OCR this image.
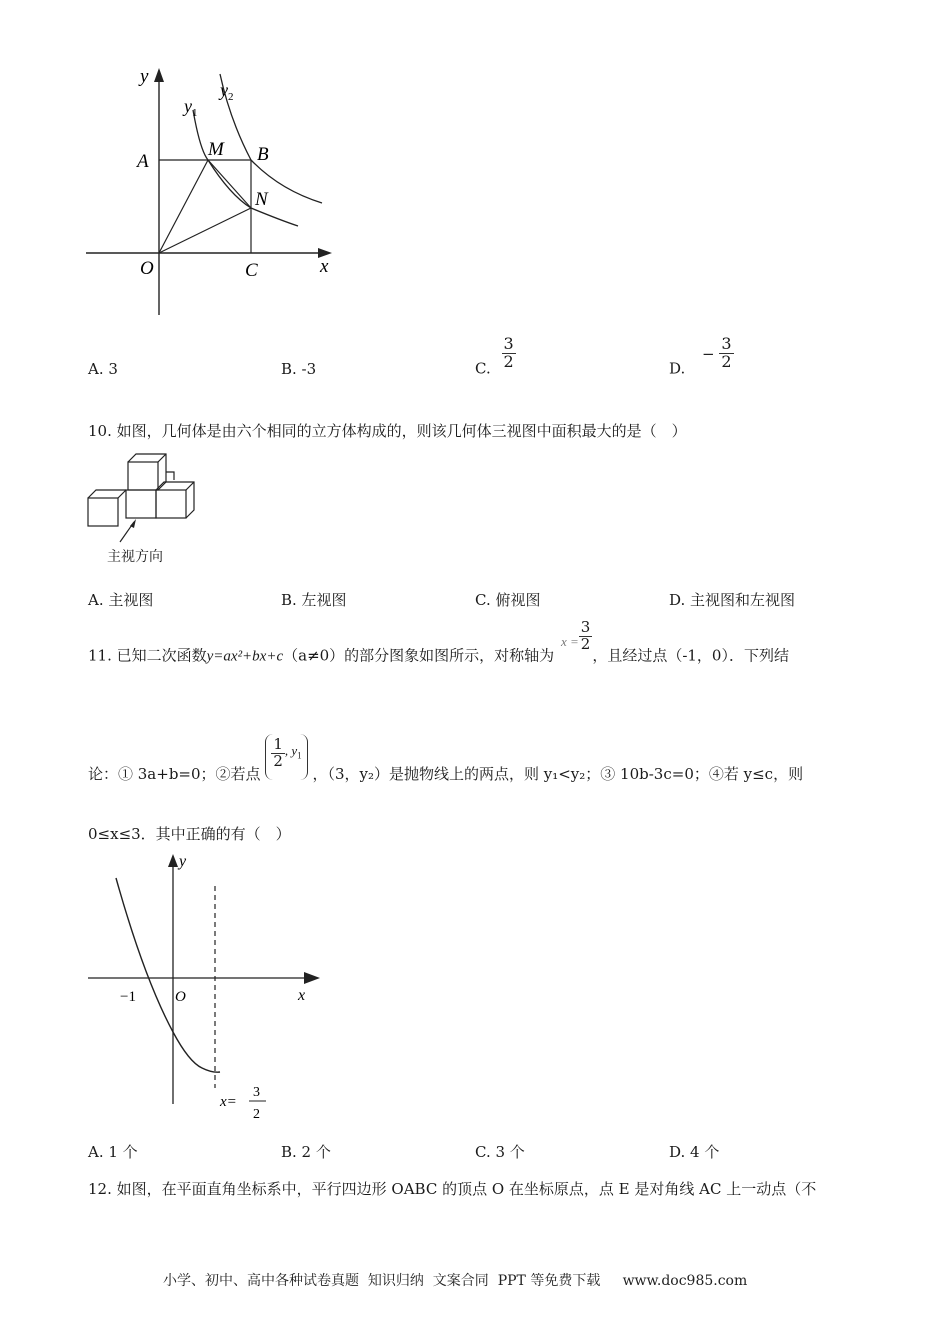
y
x
$y_1$
$y_2$
A
M B
N
O	C
A. 3	B. -3	C. $\frac{3}{2}$	D. − $\frac{3}{2}$
10. 如图，几何体是由六个相同的立方体构成的，则该几何体三视图中面积最大的是（　）
主视方向
A. 主视图	B. 左视图	C. 俯视图	D. 主视图和左视图
11. 已知二次函数y=ax²+bx+c（a≠0）的部分图象如图所示，对称轴为 $x = \frac{3}{2}$
，且经过点（-1，0）．下列结
论：① 3a+b=0；②若点
$\frac{1}{2}$ , $y_1$ ，（3，y₂）是抛物线上的两点，则 y₁<y₂；③ 10b-3c=0；④若 y≤c，则
0≤x≤3．其中正确的有（　）
y
x
O
−1
x=
3
2
A. 1 个	B. 2 个	C. 3 个	D. 4 个
12. 如图，在平面直角坐标系中，平行四边形 OABC 的顶点 O 在坐标原点，点 E 是对角线 AC 上一动点（不
小学、初中、高中各种试卷真题  知识归纳  文案合同  PPT 等免费下载     www.doc985.com
